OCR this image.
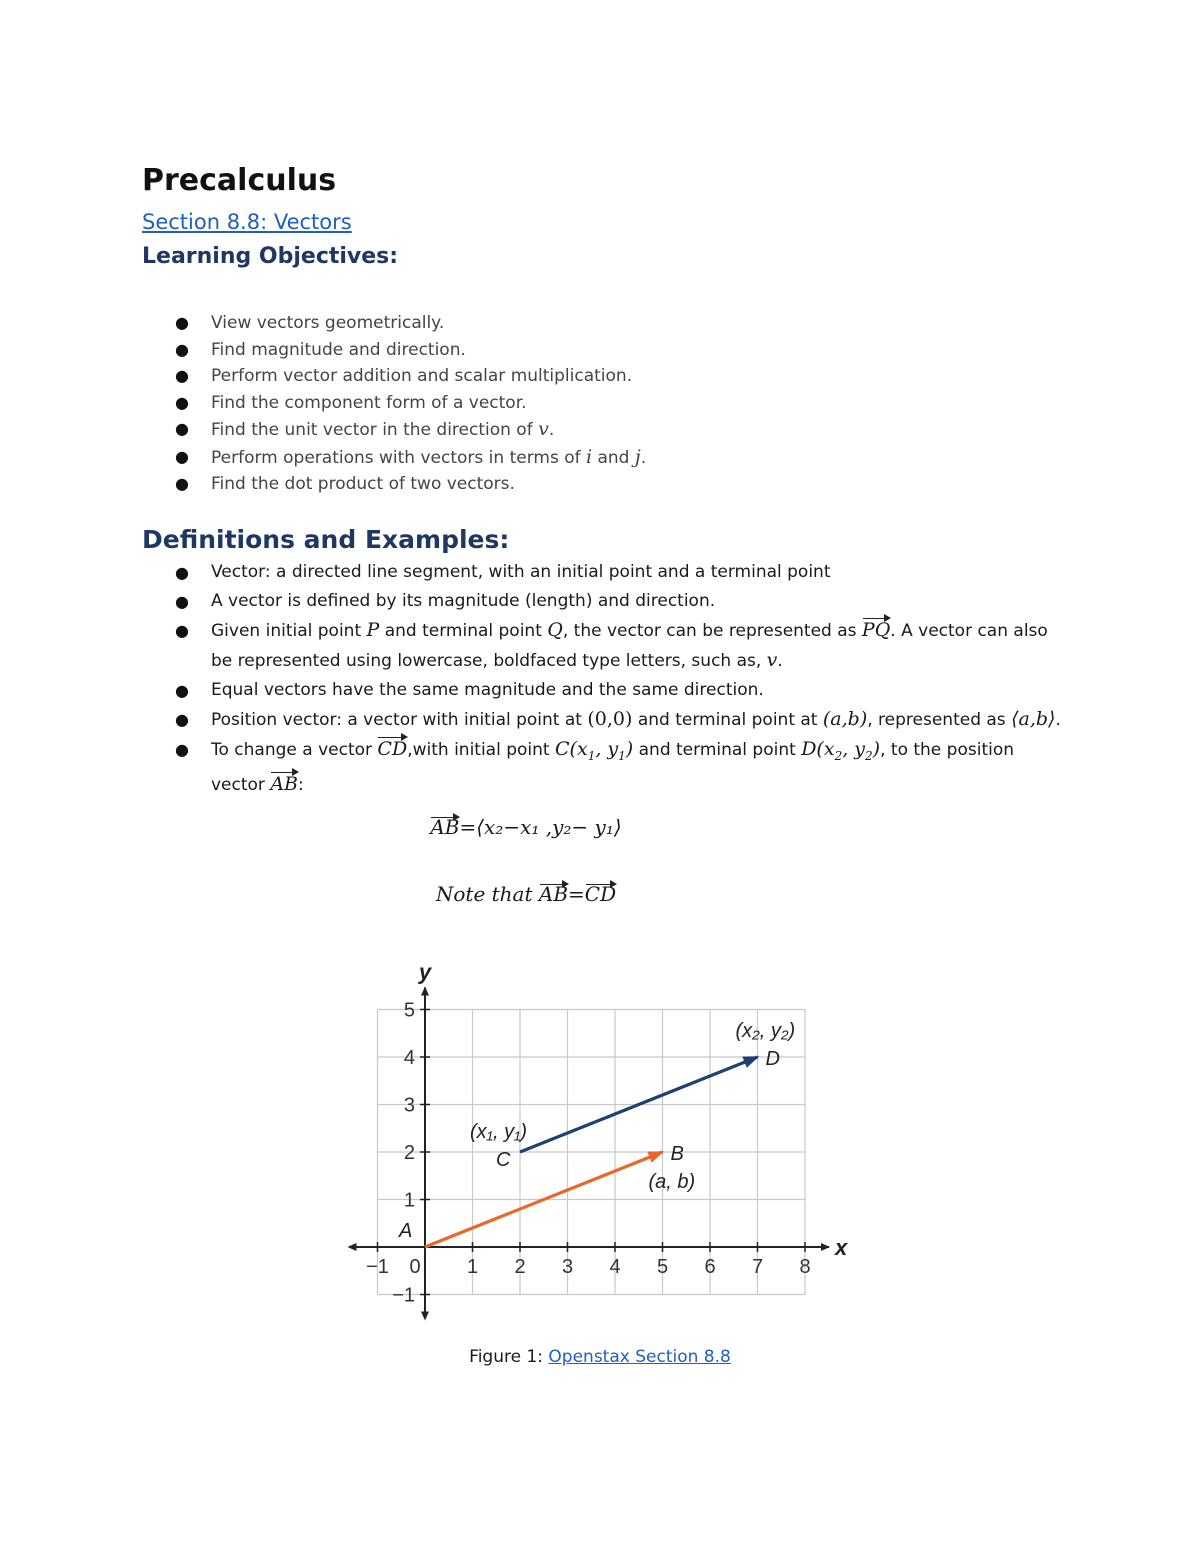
Precalculus
Section 8.8: Vectors
Learning Objectives:
● View vectors geometrically.
● Find magnitude and direction.
● Perform vector addition and scalar multiplication.
● Find the component form of a vector.
● Find the unit vector in the direction of v.
● Perform operations with vectors in terms of i and j.
● Find the dot product of two vectors.
Definitions and Examples:
● Vector: a directed line segment, with an initial point and a terminal point
● A vector is defined by its magnitude (length) and direction.
● Given initial point P and terminal point Q, the vector can be represented as PQ. A vector can also be represented using lowercase, boldfaced type letters, such as, v.
● Equal vectors have the same magnitude and the same direction.
● Position vector: a vector with initial point at (0,0) and terminal point at (a,b), represented as ⟨a,b⟩.
● To change a vector CD,with initial point $C(x_1$, $y_1$) and terminal point $D(x_2$, $y_2$), to the position vector AB:
AB=⟨x₂−x₁ ,y₂− y₁⟩
Note that AB=CD
−1 0 1 2 3 4 5 6 7 8
5
4
3
2
1
−1
x
y
A
B
(a, b)
C
(x₁, y₁)
D
(x₂, y₂)
Figure 1: Openstax Section 8.8
